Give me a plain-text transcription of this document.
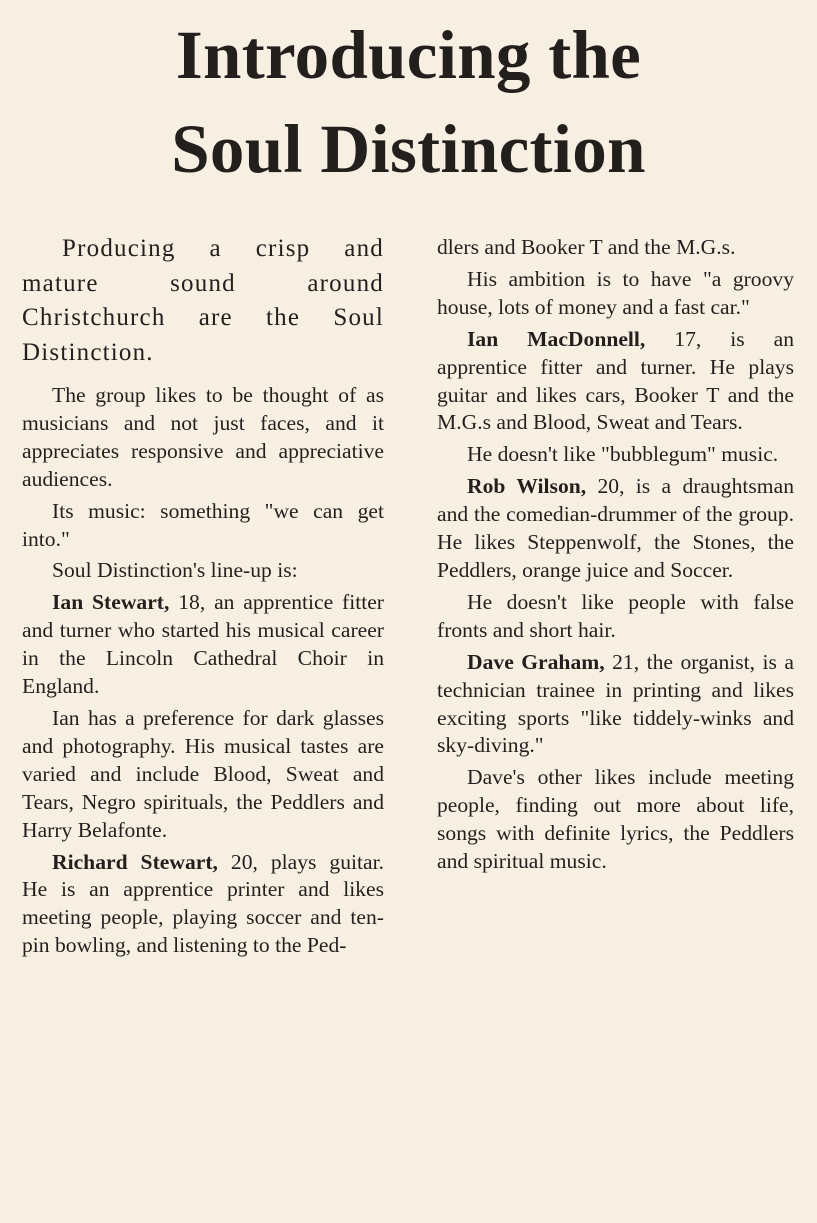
Introducing the
Soul Distinction

Producing a crisp and mature sound around Christchurch are the Soul Distinction.

The group likes to be thought of as musicians and not just faces, and it appreciates responsive and appreciative audiences.

Its music: something "we can get into."

Soul Distinction's line-up is:

Ian Stewart, 18, an apprentice fitter and turner who started his musical career in the Lincoln Cathedral Choir in England.

Ian has a preference for dark glasses and photography. His musical tastes are varied and include Blood, Sweat and Tears, Negro spirituals, the Peddlers and Harry Belafonte.

Richard Stewart, 20, plays guitar. He is an apprentice printer and likes meeting people, playing soccer and ten-pin bowling, and listening to the Ped-

dlers and Booker T and the M.G.s.

His ambition is to have "a groovy house, lots of money and a fast car."

Ian MacDonnell, 17, is an apprentice fitter and turner. He plays guitar and likes cars, Booker T and the M.G.s and Blood, Sweat and Tears.

He doesn't like "bubblegum" music.

Rob Wilson, 20, is a draughtsman and the comedian-drummer of the group. He likes Steppenwolf, the Stones, the Peddlers, orange juice and Soccer.

He doesn't like people with false fronts and short hair.

Dave Graham, 21, the organist, is a technician trainee in printing and likes exciting sports "like tiddely-winks and sky-diving."

Dave's other likes include meeting people, finding out more about life, songs with definite lyrics, the Peddlers and spiritual music.
